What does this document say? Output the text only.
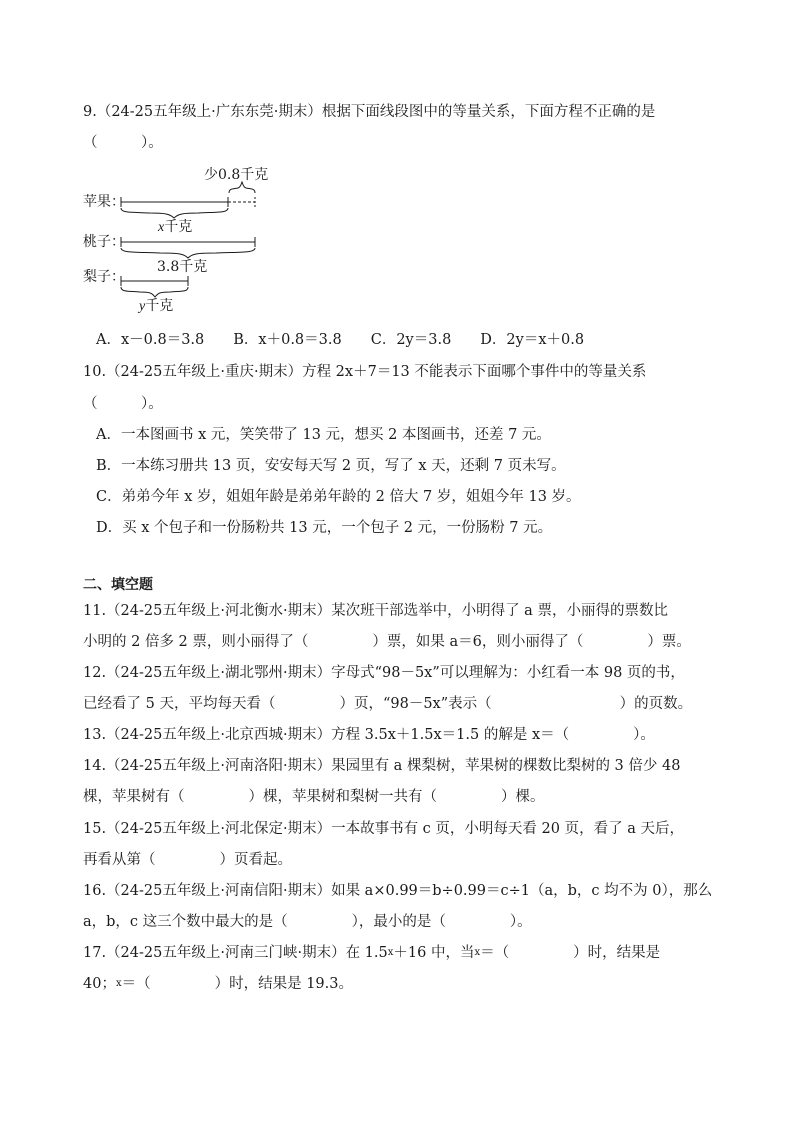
9.（24-25五年级上·广东东莞·期末）根据下面线段图中的等量关系，下面方程不正确的是
（　　　）。
少0.8千克
苹果：
x千克
桃子：
3.8千克
梨子：
y千克
A．x－0.8＝3.8　　B．x＋0.8＝3.8　　C．2y＝3.8　　D．2y＝x＋0.8
10.（24-25五年级上·重庆·期末）方程 2x＋7＝13 不能表示下面哪个事件中的等量关系
（　　　）。
A．一本图画书 x 元，笑笑带了 13 元，想买 2 本图画书，还差 7 元。
B．一本练习册共 13 页，安安每天写 2 页，写了 x 天，还剩 7 页未写。
C．弟弟今年 x 岁，姐姐年龄是弟弟年龄的 2 倍大 7 岁，姐姐今年 13 岁。
D．买 x 个包子和一份肠粉共 13 元，一个包子 2 元，一份肠粉 7 元。
二、填空题
11.（24-25五年级上·河北衡水·期末）某次班干部选举中，小明得了 a 票，小丽得的票数比
小明的 2 倍多 2 票，则小丽得了（	）票，如果 a＝6，则小丽得了（	）票。
12.（24-25五年级上·湖北鄂州·期末）字母式“98－5x”可以理解为：小红看一本 98 页的书，
已经看了 5 天，平均每天看（	）页，“98－5x”表示（	）的页数。
13.（24-25五年级上·北京西城·期末）方程 3.5x＋1.5x＝1.5 的解是 x＝（	）。
14.（24-25五年级上·河南洛阳·期末）果园里有 a 棵梨树，苹果树的棵数比梨树的 3 倍少 48
棵，苹果树有（	）棵，苹果树和梨树一共有（	）棵。
15.（24-25五年级上·河北保定·期末）一本故事书有 c 页，小明每天看 20 页，看了 a 天后，
再看从第（	）页看起。
16.（24-25五年级上·河南信阳·期末）如果 a×0.99＝b÷0.99＝c÷1（a，b，c 均不为 0），那么
a，b，c 这三个数中最大的是（	），最小的是（	）。
17.（24-25五年级上·河南三门峡·期末）在 $1.5^x+16$ 中，当$^x$＝（	）时，结果是
40；$^x$＝（	）时，结果是 19.3。
